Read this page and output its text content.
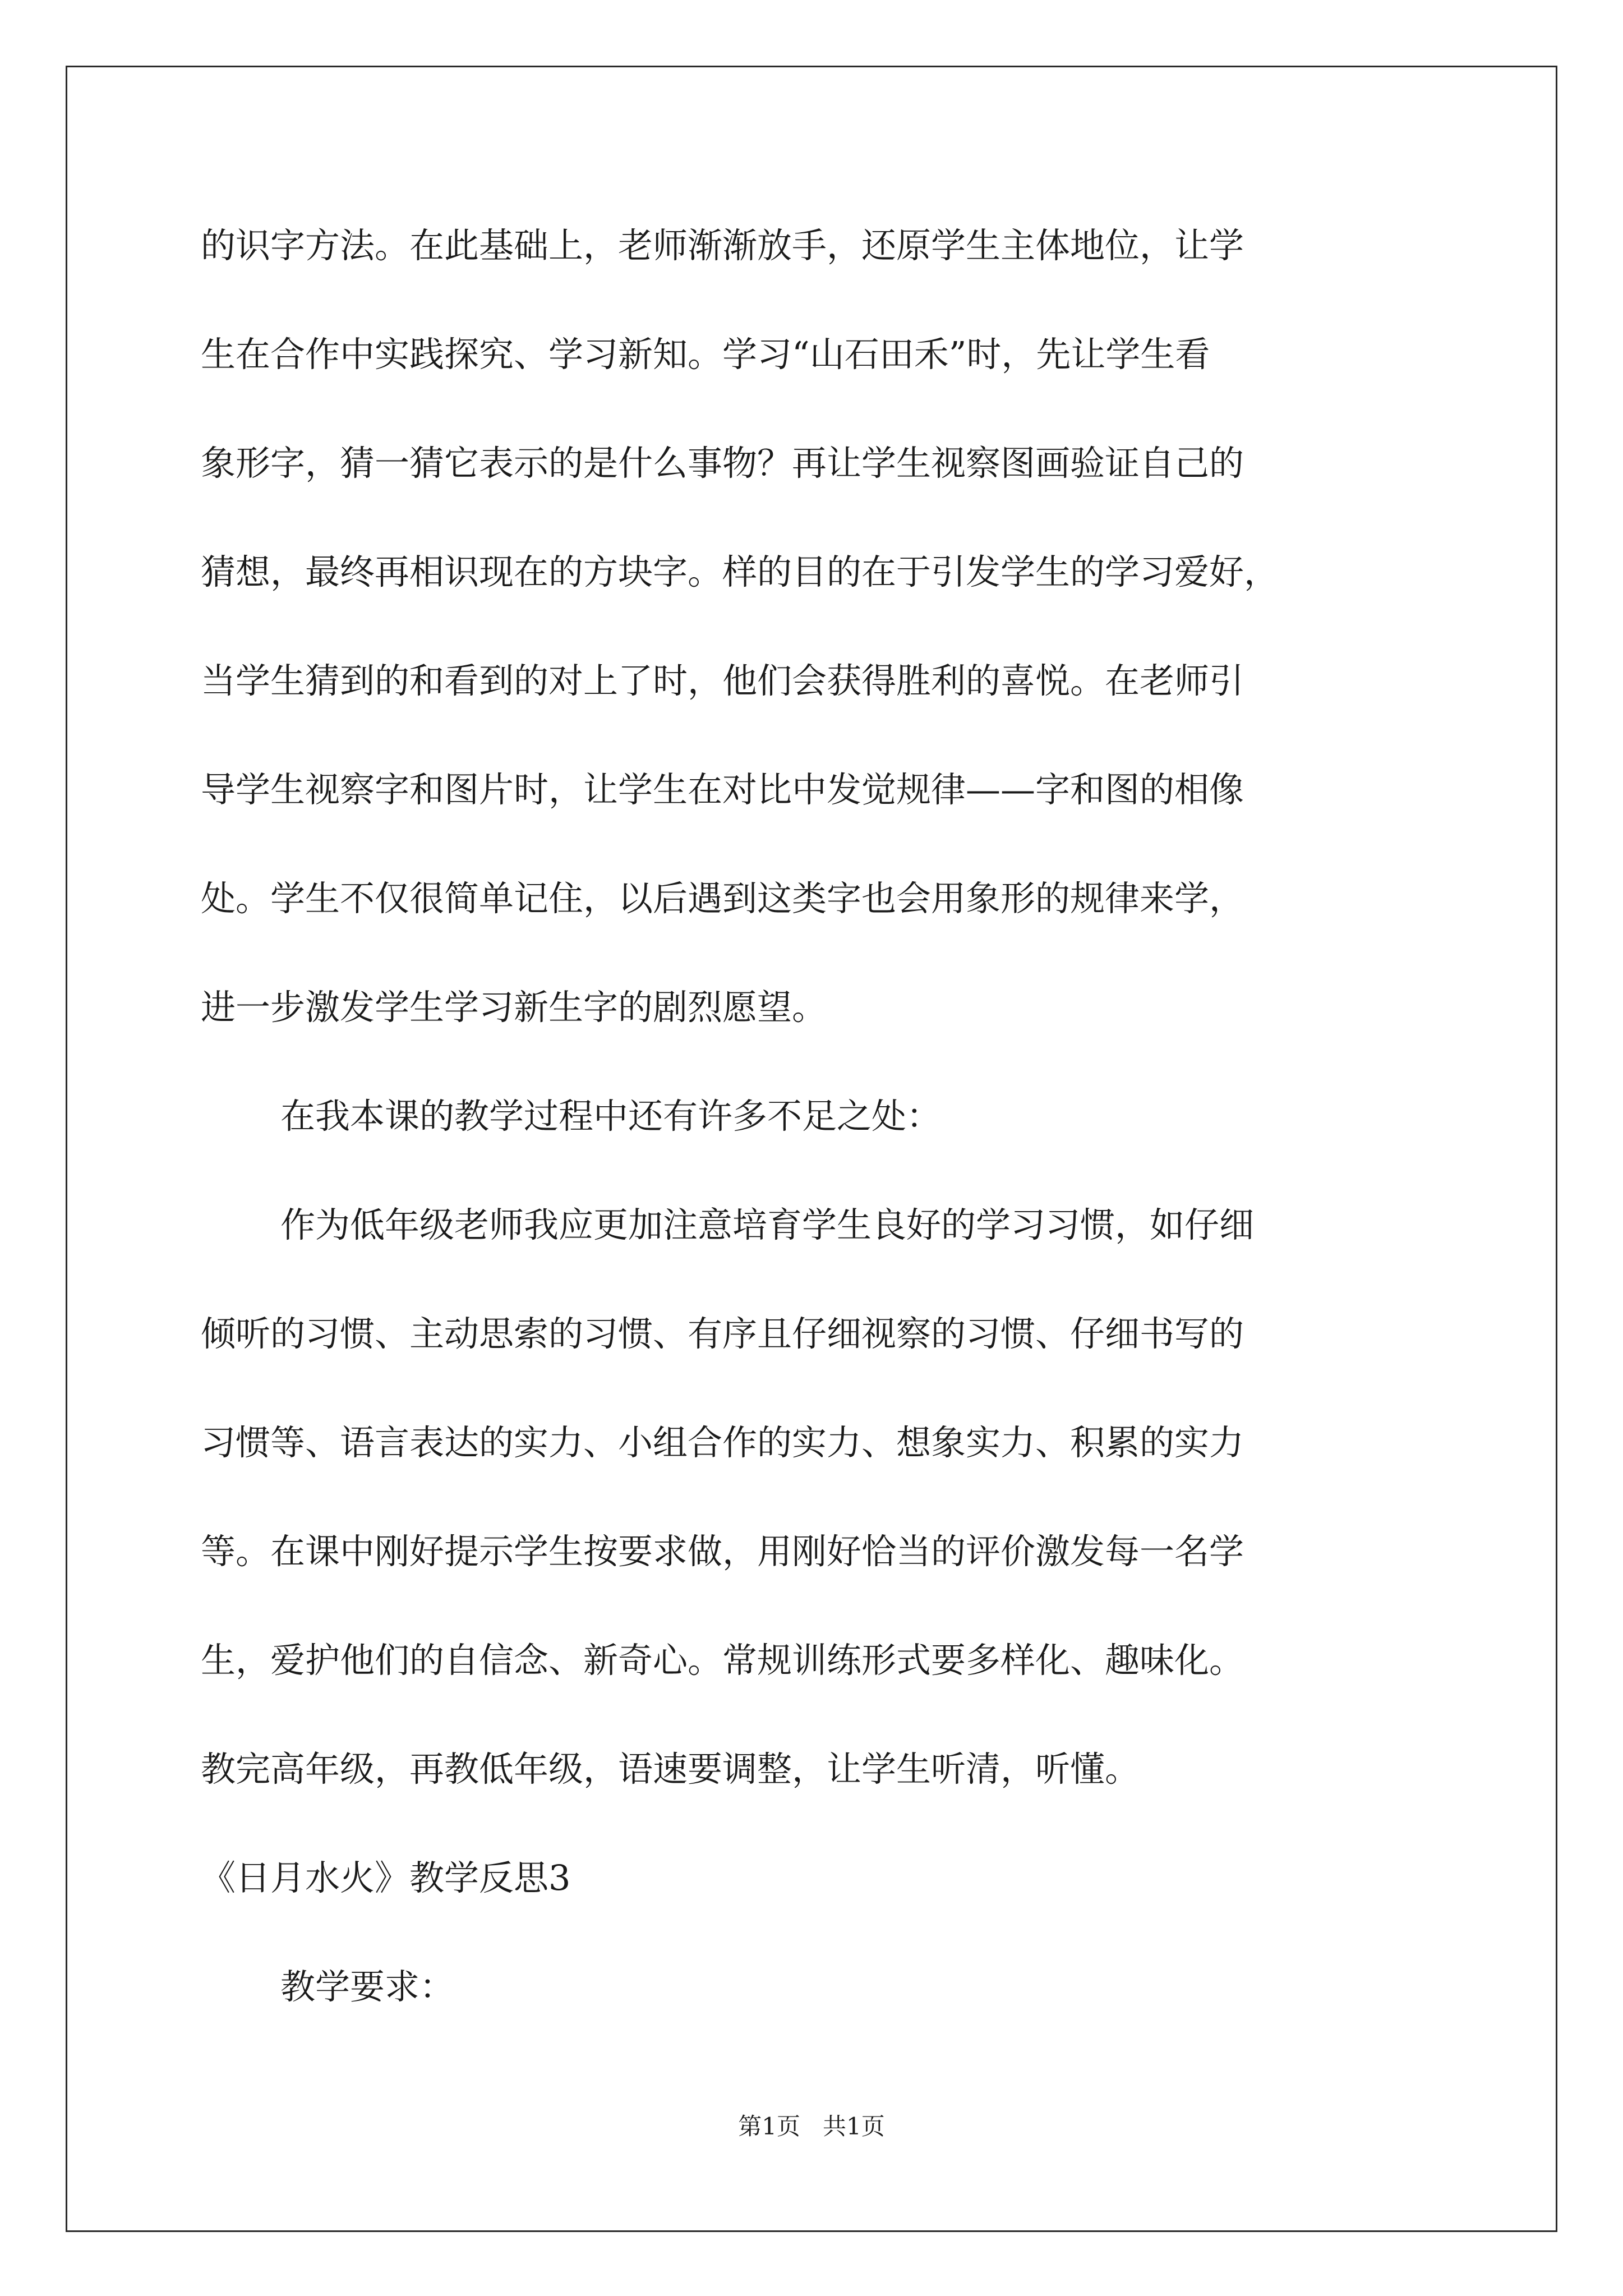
的识字方法。在此基础上，老师渐渐放手，还原学生主体地位，让学
生在合作中实践探究、学习新知。学习“山石田禾”时，先让学生看
象形字，猜一猜它表示的是什么事物？再让学生视察图画验证自己的
猜想，最终再相识现在的方块字。样的目的在于引发学生的学习爱好，
当学生猜到的和看到的对上了时，他们会获得胜利的喜悦。在老师引
导学生视察字和图片时，让学生在对比中发觉规律——字和图的相像
处。学生不仅很简单记住，以后遇到这类字也会用象形的规律来学，
进一步激发学生学习新生字的剧烈愿望。
在我本课的教学过程中还有许多不足之处：
作为低年级老师我应更加注意培育学生良好的学习习惯，如仔细
倾听的习惯、主动思索的习惯、有序且仔细视察的习惯、仔细书写的
习惯等、语言表达的实力、小组合作的实力、想象实力、积累的实力
等。在课中刚好提示学生按要求做，用刚好恰当的评价激发每一名学
生，爱护他们的自信念、新奇心。常规训练形式要多样化、趣味化。
教完高年级，再教低年级，语速要调整，让学生听清，听懂。
《日月水火》教学反思3
教学要求：
第1页   共1页
